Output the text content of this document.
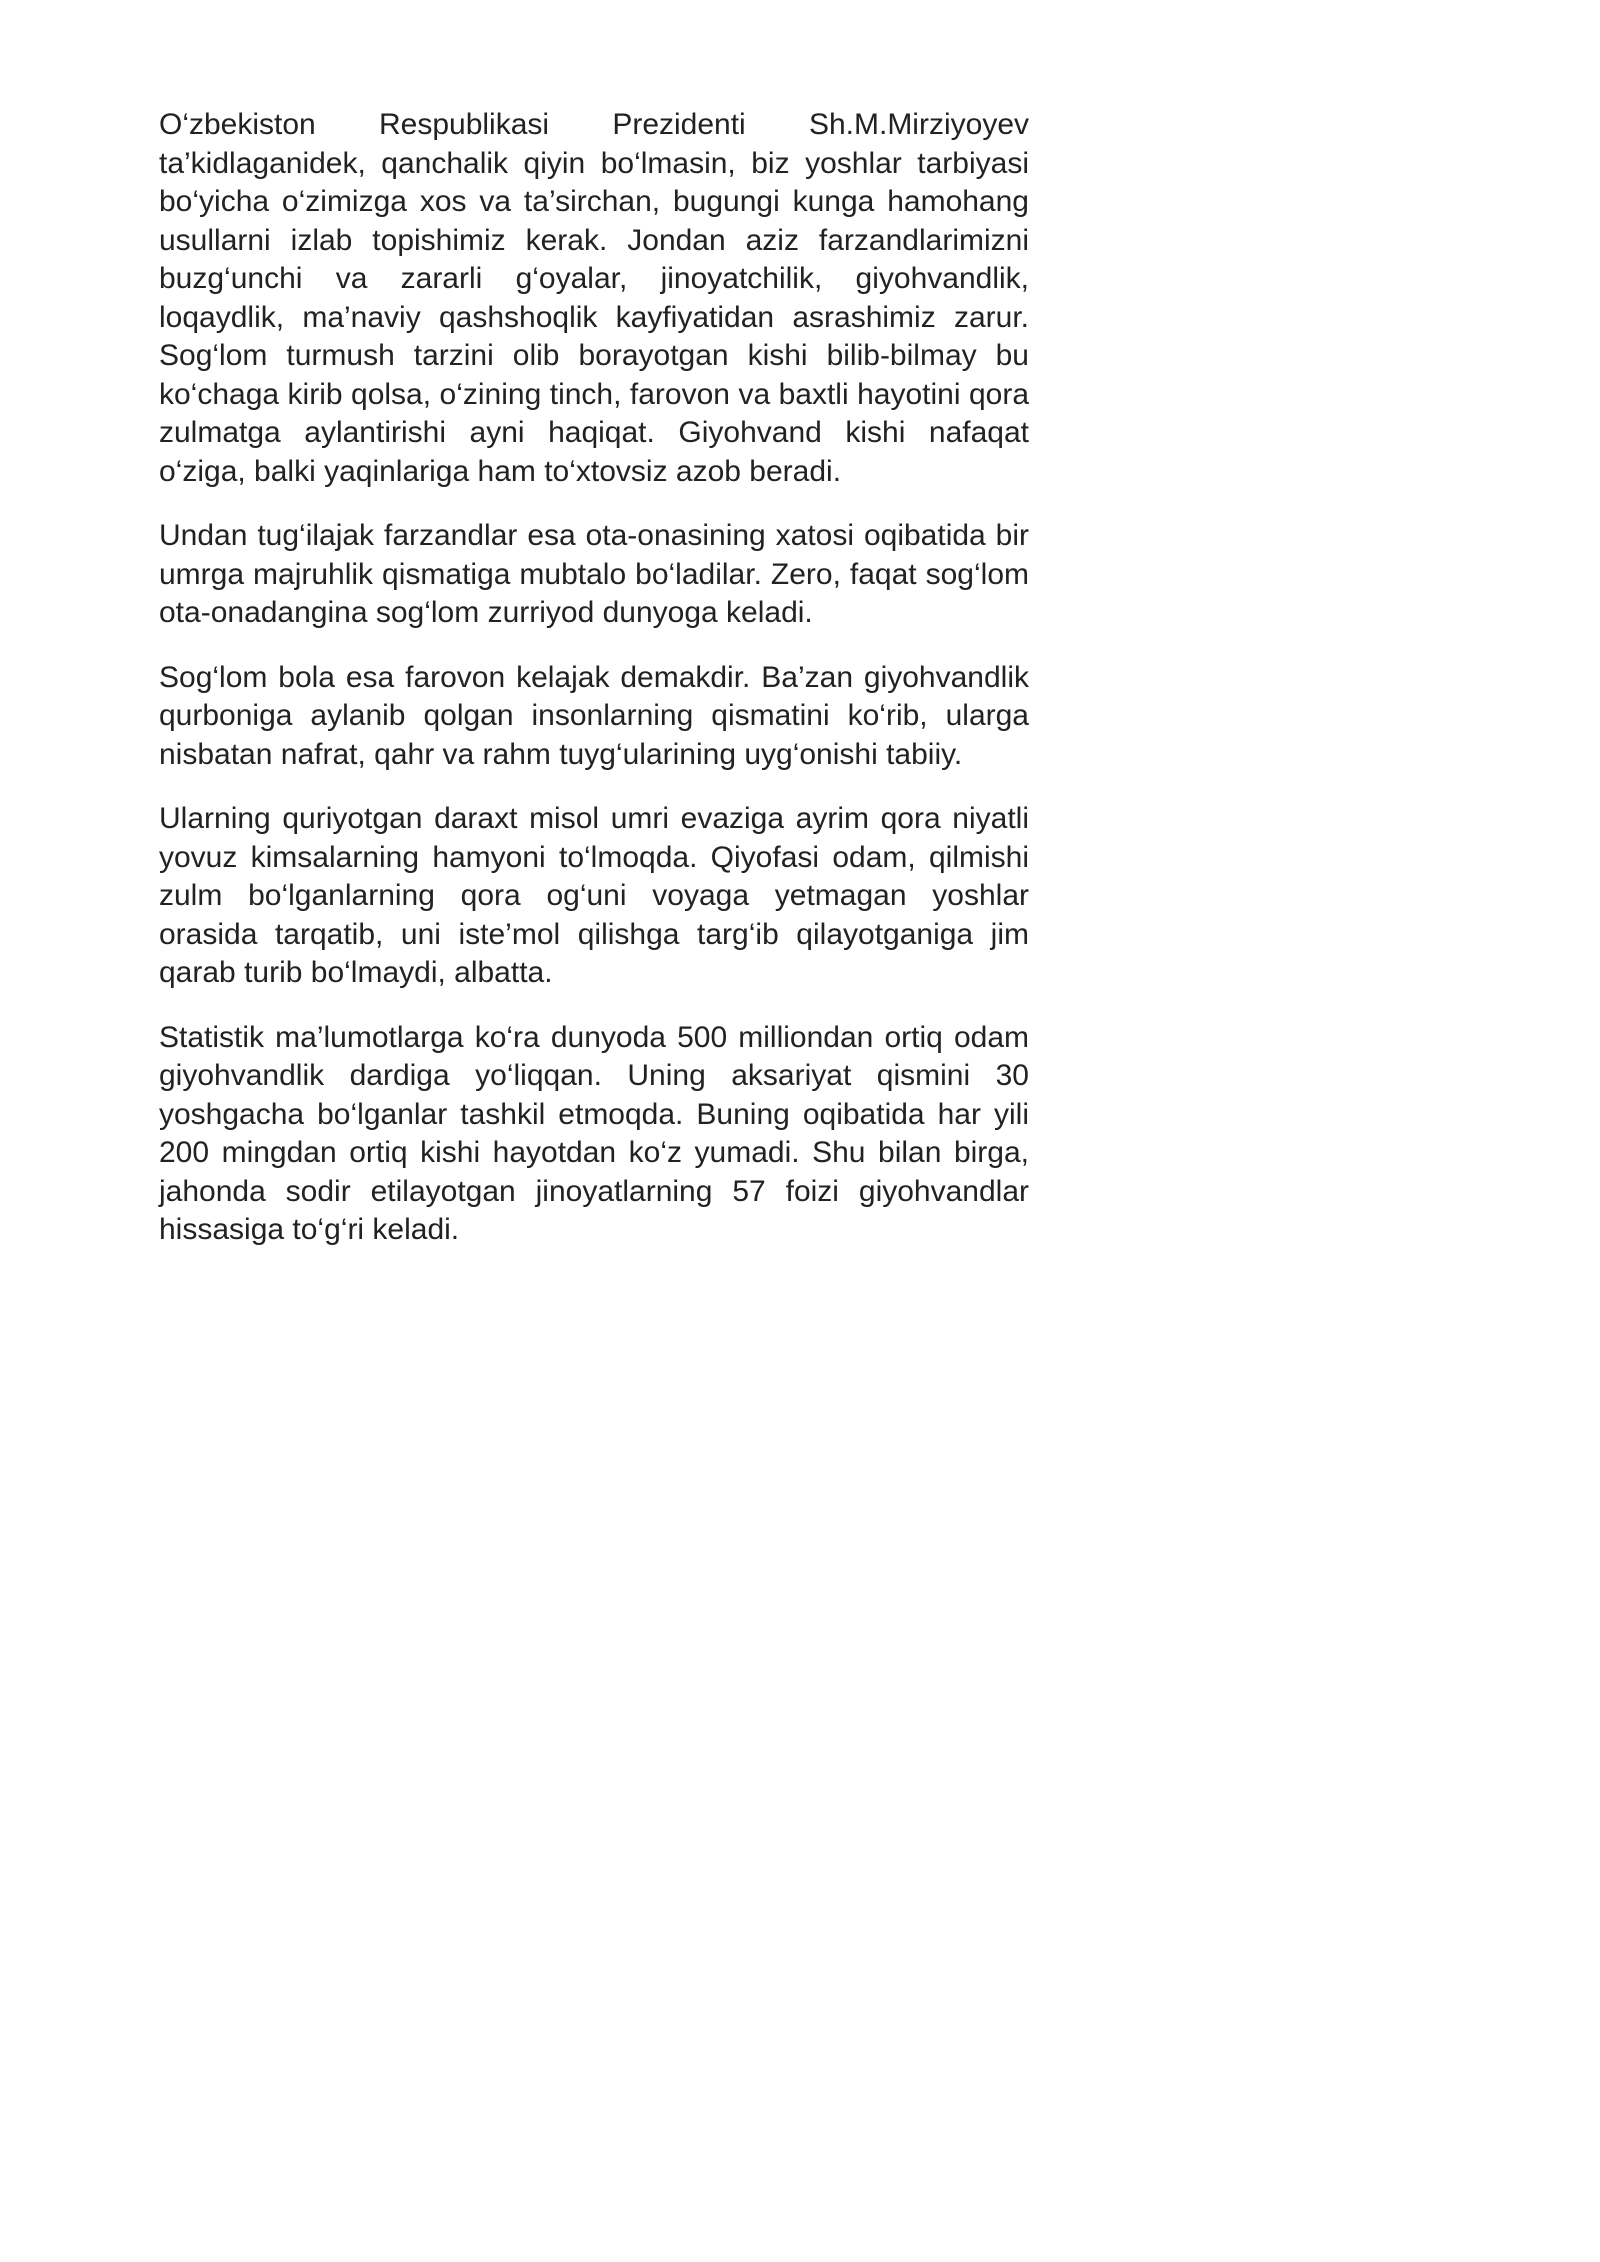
O‘zbekiston Respublikasi Prezidenti Sh.M.Mirziyoyev ta’kidlaganidek, qanchalik qiyin bo‘lmasin, biz yoshlar tarbiyasi bo‘yicha o‘zimizga xos va ta’sirchan, bugungi kunga hamohang usullarni izlab topishimiz kerak. Jondan aziz farzandlarimizni buzg‘unchi va zararli g‘oyalar, jinoyatchilik, giyohvandlik, loqaydlik, ma’naviy qashshoqlik kayfiyatidan asrashimiz zarur. Sog‘lom turmush tarzini olib borayotgan kishi bilib-bilmay bu ko‘chaga kirib qolsa, o‘zining tinch, farovon va baxtli hayotini qora zulmatga aylantirishi ayni haqiqat. Giyohvand kishi nafaqat o‘ziga, balki yaqinlariga ham to‘xtovsiz azob beradi.

Undan tug‘ilajak farzandlar esa ota-onasining xatosi oqibatida bir umrga majruhlik qismatiga mubtalo bo‘ladilar. Zero, faqat sog‘lom ota-onadangina sog‘lom zurriyod dunyoga keladi.

Sog‘lom bola esa farovon kelajak demakdir. Ba’zan giyohvandlik qurboniga aylanib qolgan insonlarning qismatini ko‘rib, ularga nisbatan nafrat, qahr va rahm tuyg‘ularining uyg‘onishi tabiiy.

Ularning quriyotgan daraxt misol umri evaziga ayrim qora niyatli yovuz kimsalarning hamyoni to‘lmoqda. Qiyofasi odam, qilmishi zulm bo‘lganlarning qora og‘uni voyaga yetmagan yoshlar orasida tarqatib, uni iste’mol qilishga targ‘ib qilayotganiga jim qarab turib bo‘lmaydi, albatta.

Statistik ma’lumotlarga ko‘ra dunyoda 500 milliondan ortiq odam giyohvandlik dardiga yo‘liqqan. Uning aksariyat qismini 30 yoshgacha bo‘lganlar tashkil etmoqda. Buning oqibatida har yili 200 mingdan ortiq kishi hayotdan ko‘z yumadi. Shu bilan birga, jahonda sodir etilayotgan jinoyatlarning 57 foizi giyohvandlar hissasiga to‘g‘ri keladi.
